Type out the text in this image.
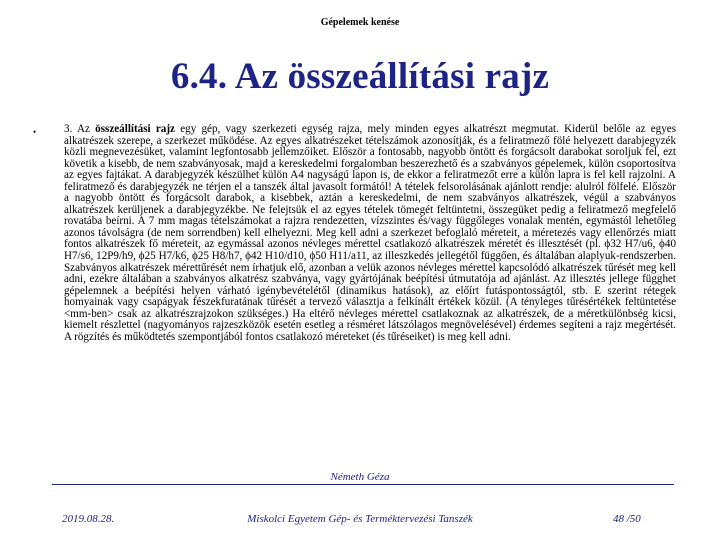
Gépelemek kenése
6.4. Az összeállítási rajz
•	3. Az összeállítási rajz egy gép, vagy szerkezeti egység rajza, mely minden egyes alkatrészt megmutat. Kiderül belőle az egyes alkatrészek szerepe, a szerkezet működése. Az egyes alkatrészeket tételszámok azonosítják, és a feliratmező fölé helyezett darabjegyzék közli megnevezésüket, valamint legfontosabb jellemzőiket. Először a fontosabb, nagyobb öntött és forgácsolt darabokat soroljuk fel, ezt követik a kisebb, de nem szabványosak, majd a kereskedelmi forgalomban beszerezhető és a szabványos gépelemek, külön csoportosítva az egyes fajtákat. A darabjegyzék készülhet külön A4 nagyságú lapon is, de ekkor a feliratmezőt erre a külön lapra is fel kell rajzolni. A feliratmező és darabjegyzék ne térjen el a tanszék által javasolt formától! A tételek felsorolásának ajánlott rendje: alulról fölfelé. Először a nagyobb öntött és forgácsolt darabok, a kisebbek, aztán a kereskedelmi, de nem szabványos alkatrészek, végül a szabványos alkatrészek kerüljenek a darabjegyzékbe. Ne felejtsük el az egyes tételek tömegét feltüntetni, összegüket pedig a feliratmező megfelelő rovatába beírni. A 7 mm magas tételszámokat a rajzra rendezetten, vízszintes és/vagy függőleges vonalak mentén, egymástól lehetőleg azonos távolságra (de nem sorrendben) kell elhelyezni. Meg kell adni a szerkezet befoglaló méreteit, a méretezés vagy ellenőrzés miatt fontos alkatrészek fő méreteit, az egymással azonos névleges mérettel csatlakozó alkatrészek méretét és illesztését (pl. ϕ32 H7/u6, ϕ40 H7/s6, 12P9/h9, ϕ25 H7/k6, ϕ25 H8/h7, ϕ42 H10/d10, ϕ50 H11/a11, az illeszkedés jellegétől függően, és általában alaplyuk-rendszerben. Szabványos alkatrészek mérettűrését nem írhatjuk elő, azonban a velük azonos névleges mérettel kapcsolódó alkatrészek tűrését meg kell adni, ezekre általában a szabványos alkatrész szabványa, vagy gyártójának beépítési útmutatója ad ajánlást. Az illesztés jellege függhet gépelemnek a beépítési helyen várható igénybevételétől (dinamikus hatások), az előírt futáspontosságtól, stb. E szerint rétegek homyainak vagy csapágyak fészekfuratának tűrését a tervező választja a felkínált értékek közül. (A tényleges tűrésértékek feltüntetése <mm-ben> csak az alkatrészrajzokon szükséges.) Ha eltérő névleges mérettel csatlakoznak az alkatrészek, de a méretkülönbség kicsi, kiemelt részlettel (nagyományos rajzeszközök esetén esetleg a résméret látszólagos megnövelésével) érdemes segíteni a rajz megértését. A rögzítés és működtetés szempontjából fontos csatlakozó méreteket (és tűréseiket) is meg kell adni.
Németh Géza
2019.08.28.	Miskolci Egyetem Gép- és Terméktervezési Tanszék	48 /50
